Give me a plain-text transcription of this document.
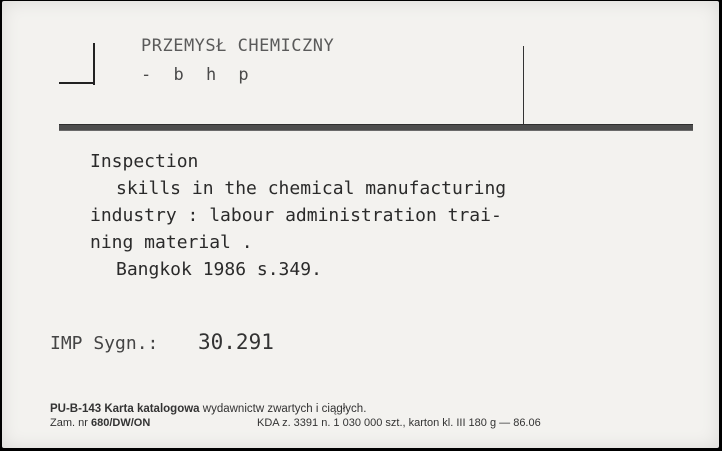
PRZEMYSŁ CHEMICZNY
- b h p
Inspection
skills in the chemical manufacturing
industry : labour administration trai-
ning material .
Bangkok 1986 s.349.
IMP Sygn.: 30.291
PU-B-143 Karta katalogowa wydawnictw zwartych i ciągłych.
Zam. nr 680/DW/ON	KDA z. 3391 n. 1 030 000 szt., karton kl. III 180 g — 86.06
